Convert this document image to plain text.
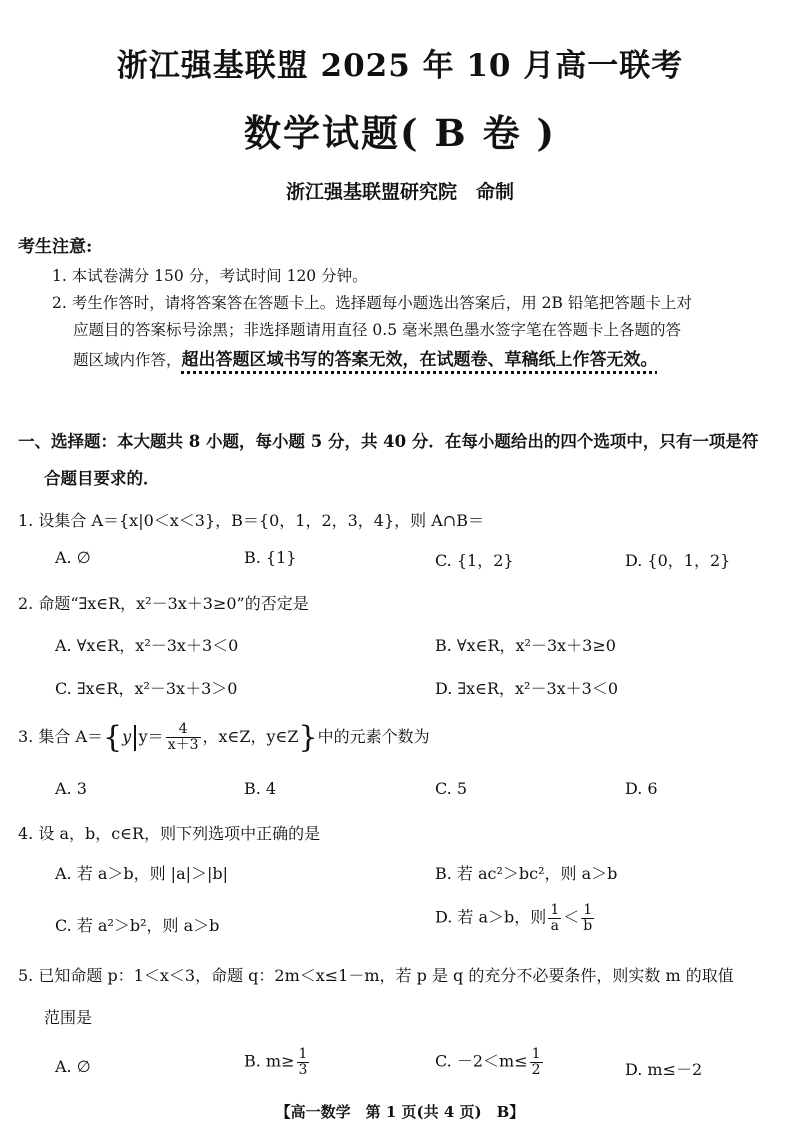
浙江强基联盟 2025 年 10 月高一联考
数学试题( B 卷 )
浙江强基联盟研究院　命制
考生注意:
1. 本试卷满分 150 分，考试时间 120 分钟。
2. 考生作答时，请将答案答在答题卡上。选择题每小题选出答案后，用 2B 铅笔把答题卡上对
应题目的答案标号涂黑；非选择题请用直径 0.5 毫米黑色墨水签字笔在答题卡上各题的答
题区域内作答，超出答题区域书写的答案无效，在试题卷、草稿纸上作答无效。
一、选择题：本大题共 8 小题，每小题 5 分，共 40 分．在每小题给出的四个选项中，只有一项是符
合题目要求的．
1. 设集合 A＝{x|0＜x＜3}，B＝{0，1，2，3，4}，则 A∩B＝
A. ∅	B. {1}	C. {1，2}	D. {0，1，2}
2. 命题“∃x∈R，x²－3x＋3≥0”的否定是
A. ∀x∈R，x²－3x＋3＜0	B. ∀x∈R，x²－3x＋3≥0
C. ∃x∈R，x²－3x＋3＞0	D. ∃x∈R，x²－3x＋3＜0
3. 集合 A＝{y $y= \frac{4}{x+3}$ ，x∈Z，y∈Z}中的元素个数为
A. 3	B. 4	C. 5	D. 6
4. 设 a，b，c∈R，则下列选项中正确的是
A. 若 a＞b，则 |a|＞|b|	B. 若 ac²＞bc²，则 a＞b
C. 若 a²＞b²，则 a＞b	D. 若 a＞b，则 $\frac{1}{a} < \frac{1}{b}$
5. 已知命题 p：1＜x＜3，命题 q：2m＜x≤1－m，若 p 是 q 的充分不必要条件，则实数 m 的取值
范围是
A. ∅	B. $m\ge \frac{1}{3}$	C. $-2<m\le \frac{1}{2}$	D. m≤－2
【高一数学　第 1 页(共 4 页)　B】
